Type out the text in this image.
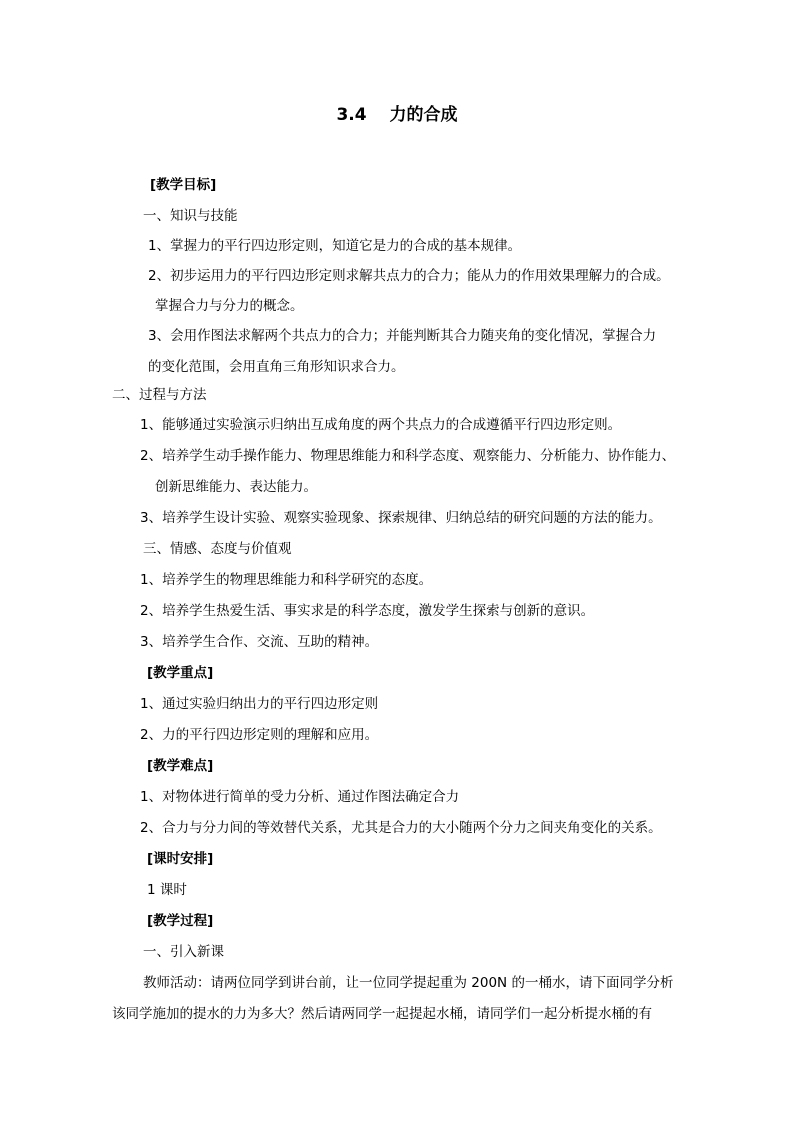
3.4　 力的合成
[教学目标]
一、知识与技能
1、掌握力的平行四边形定则，知道它是力的合成的基本规律。
2、初步运用力的平行四边形定则求解共点力的合力；能从力的作用效果理解力的合成。
掌握合力与分力的概念。
3、会用作图法求解两个共点力的合力；并能判断其合力随夹角的变化情况，掌握合力
的变化范围，会用直角三角形知识求合力。
二、过程与方法
1、能够通过实验演示归纳出互成角度的两个共点力的合成遵循平行四边形定则。
2、培养学生动手操作能力、物理思维能力和科学态度、观察能力、分析能力、协作能力、
创新思维能力、表达能力。
3、培养学生设计实验、观察实验现象、探索规律、归纳总结的研究问题的方法的能力。
三、情感、态度与价值观
1、培养学生的物理思维能力和科学研究的态度。
2、培养学生热爱生活、事实求是的科学态度，激发学生探索与创新的意识。
3、培养学生合作、交流、互助的精神。
[教学重点]
1、通过实验归纳出力的平行四边形定则
2、力的平行四边形定则的理解和应用。
[教学难点]
1、对物体进行简单的受力分析、通过作图法确定合力
2、合力与分力间的等效替代关系，尤其是合力的大小随两个分力之间夹角变化的关系。
[课时安排]
1 课时
[教学过程]
一、引入新课
教师活动：请两位同学到讲台前，让一位同学提起重为 200N 的一桶水，请下面同学分析
该同学施加的提水的力为多大？然后请两同学一起提起水桶，请同学们一起分析提水桶的有
